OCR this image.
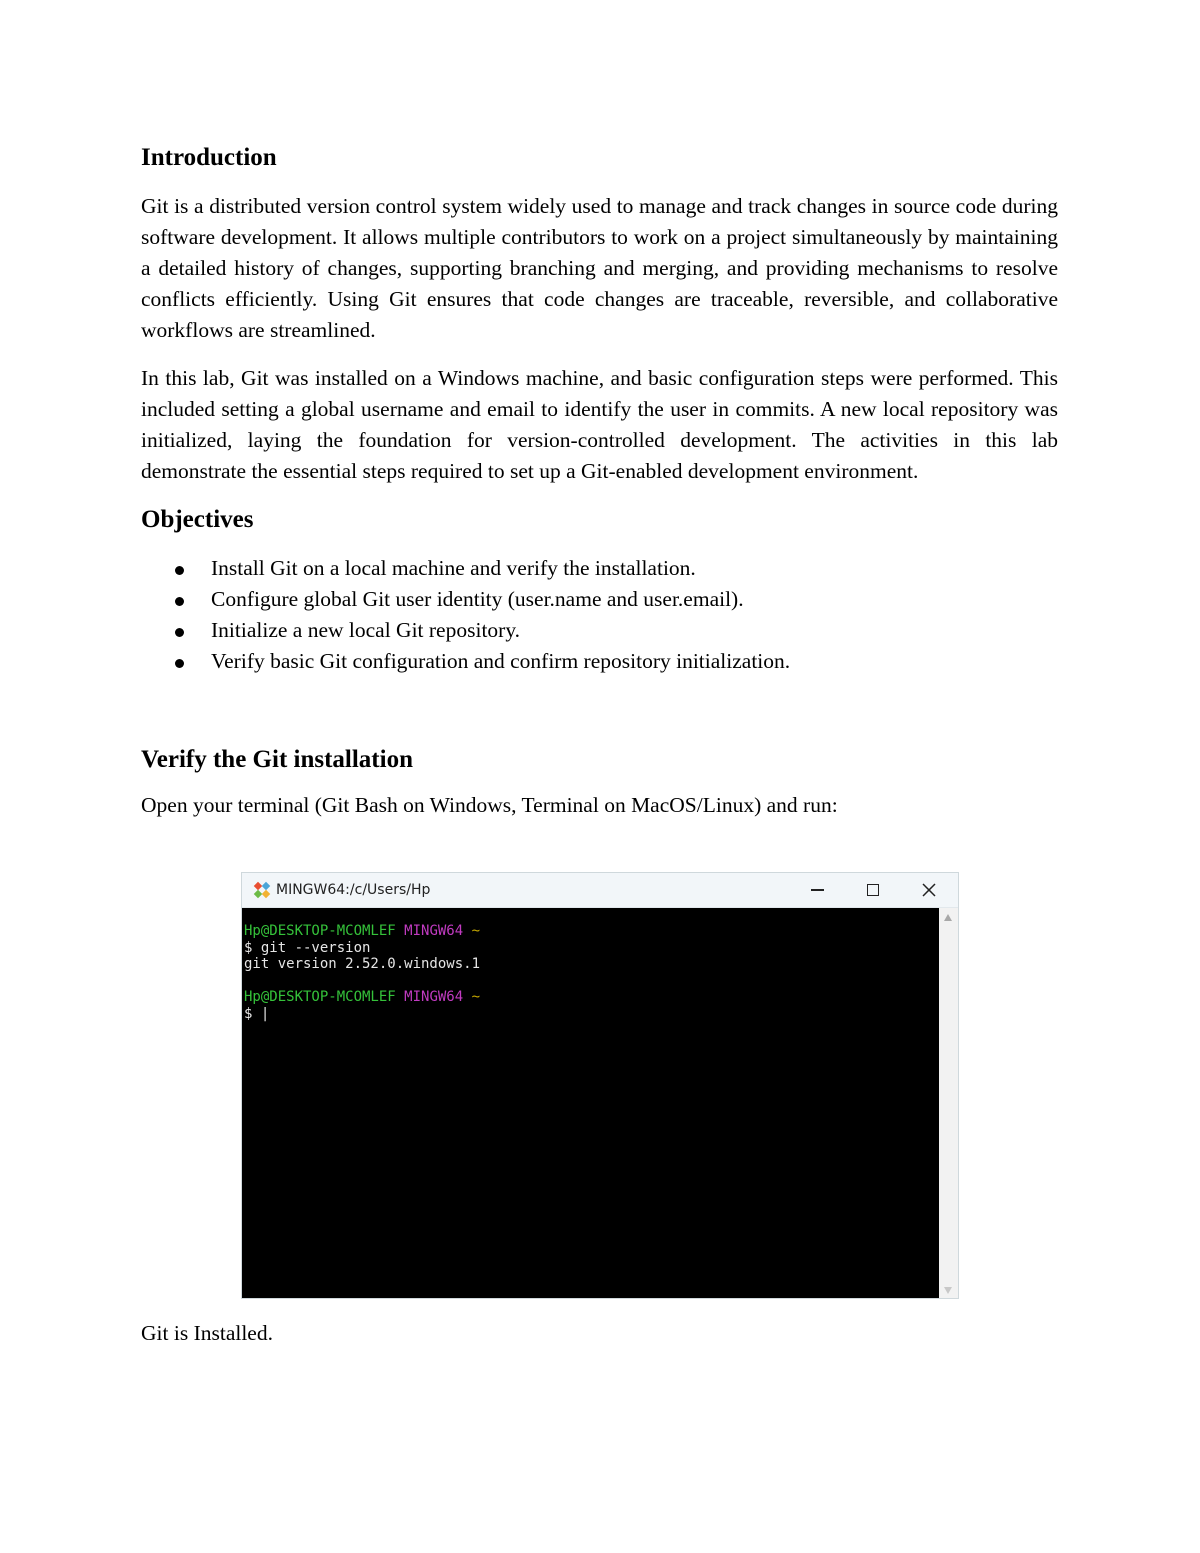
Introduction

Git is a distributed version control system widely used to manage and track changes in source code during software development. It allows multiple contributors to work on a project simultaneously by maintaining a detailed history of changes, supporting branching and merging, and providing mechanisms to resolve conflicts efficiently. Using Git ensures that code changes are traceable, reversible, and collaborative workflows are streamlined.

In this lab, Git was installed on a Windows machine, and basic configuration steps were performed. This included setting a global username and email to identify the user in commits. A new local repository was initialized, laying the foundation for version-controlled development. The activities in this lab demonstrate the essential steps required to set up a Git-enabled development environment.

Objectives
Install Git on a local machine and verify the installation.
Configure global Git user identity (user.name and user.email).
Initialize a new local Git repository.
Verify basic Git configuration and confirm repository initialization.
Verify the Git installation

Open your terminal (Git Bash on Windows, Terminal on MacOS/Linux) and run:

MINGW64:/c/Users/Hp
Hp@DESKTOP-MCOMLEF MINGW64 ~
$ git --version
git version 2.52.0.windows.1
Hp@DESKTOP-MCOMLEF MINGW64 ~
$ |
Git is Installed.
